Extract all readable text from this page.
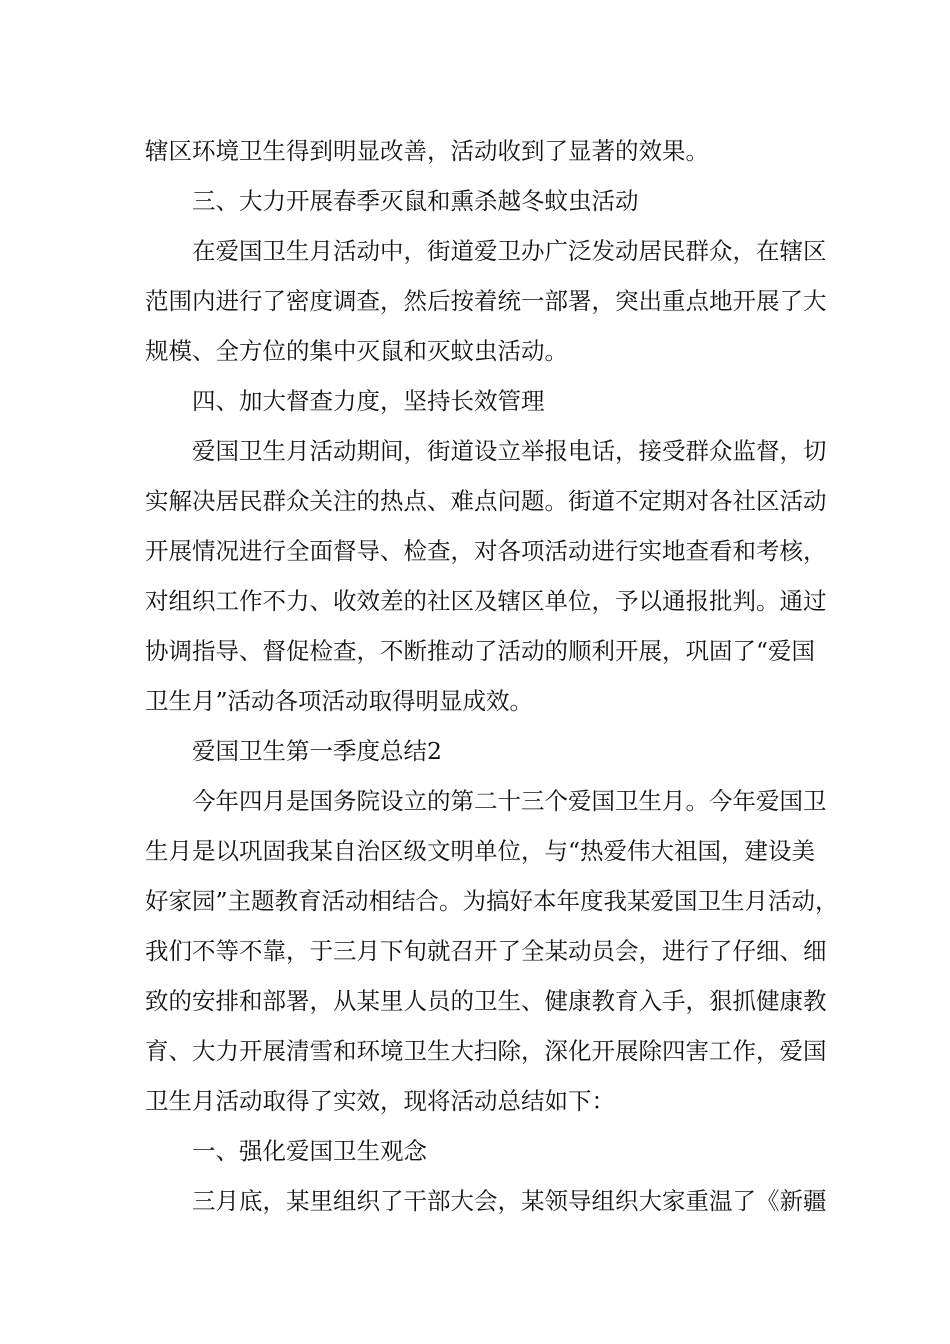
辖区环境卫生得到明显改善，活动收到了显著的效果。
三、大力开展春季灭鼠和熏杀越冬蚊虫活动
在爱国卫生月活动中，街道爱卫办广泛发动居民群众，在辖区
范围内进行了密度调查，然后按着统一部署，突出重点地开展了大
规模、全方位的集中灭鼠和灭蚊虫活动。
四、加大督查力度，坚持长效管理
爱国卫生月活动期间，街道设立举报电话，接受群众监督，切
实解决居民群众关注的热点、难点问题。街道不定期对各社区活动
开展情况进行全面督导、检查，对各项活动进行实地查看和考核，
对组织工作不力、收效差的社区及辖区单位，予以通报批判。通过
协调指导、督促检查，不断推动了活动的顺利开展，巩固了“爱国
卫生月”活动各项活动取得明显成效。
爱国卫生第一季度总结2
今年四月是国务院设立的第二十三个爱国卫生月。今年爱国卫
生月是以巩固我某自治区级文明单位，与“热爱伟大祖国，建设美
好家园”主题教育活动相结合。为搞好本年度我某爱国卫生月活动，
我们不等不靠，于三月下旬就召开了全某动员会，进行了仔细、细
致的安排和部署，从某里人员的卫生、健康教育入手，狠抓健康教
育、大力开展清雪和环境卫生大扫除，深化开展除四害工作，爱国
卫生月活动取得了实效，现将活动总结如下：
一、强化爱国卫生观念
三月底，某里组织了干部大会，某领导组织大家重温了《新疆
